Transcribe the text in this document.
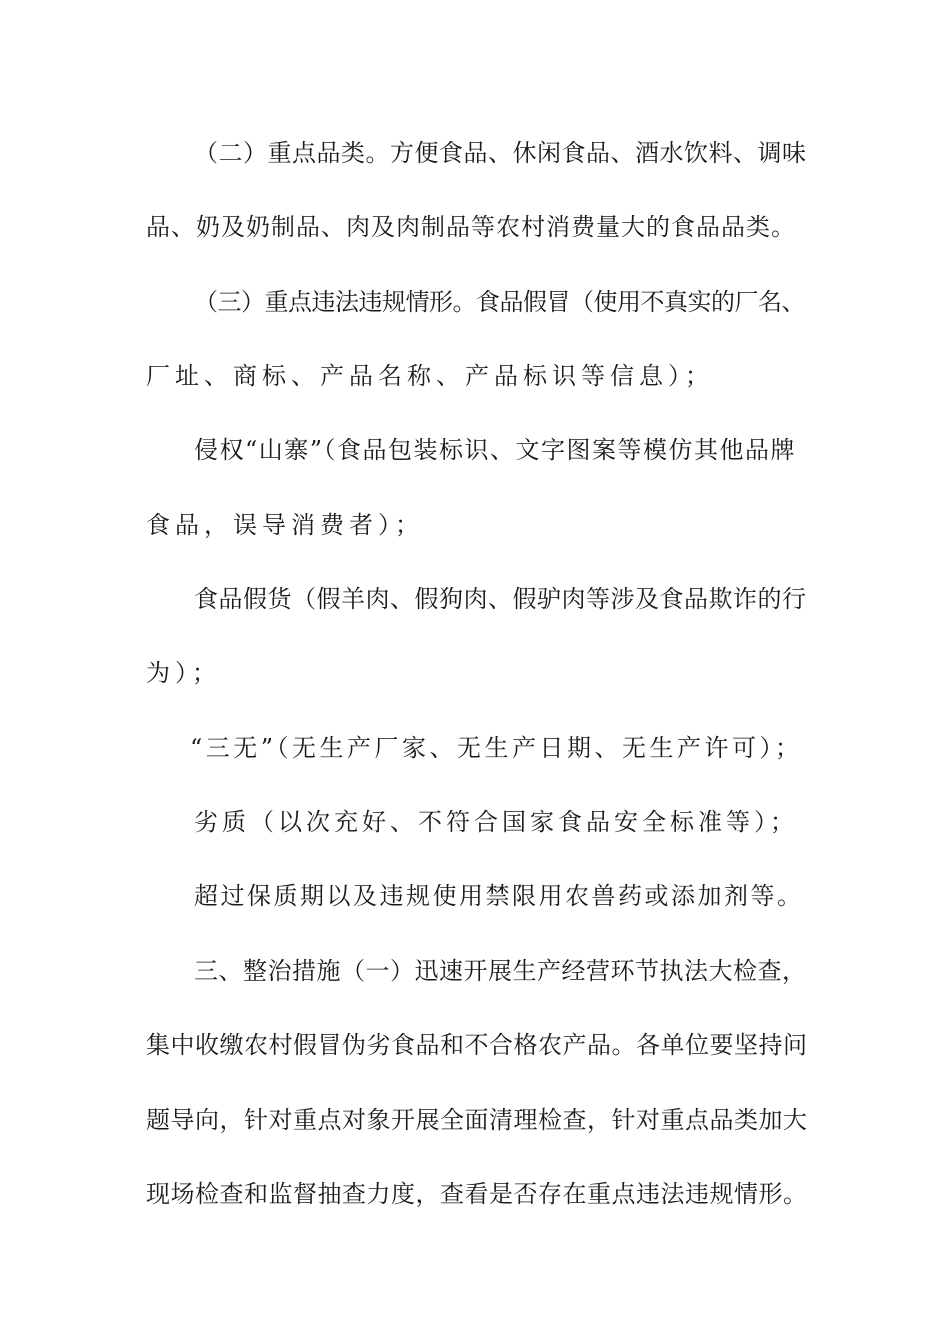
（二）重点品类。方便食品、休闲食品、酒水饮料、调味
品、奶及奶制品、肉及肉制品等农村消费量大的食品品类。
（三）重点违法违规情形。食品假冒（使用不真实的厂名、
厂址、商标、产品名称、产品标识等信息）；
侵权“山寨”（食品包装标识、文字图案等模仿其他品牌
食品，误导消费者）；
食品假货（假羊肉、假狗肉、假驴肉等涉及食品欺诈的行
为）；
“三无”（无生产厂家、无生产日期、无生产许可）；
劣质（以次充好、不符合国家食品安全标准等）；
超过保质期以及违规使用禁限用农兽药或添加剂等。
三、整治措施（一）迅速开展生产经营环节执法大检查，
集中收缴农村假冒伪劣食品和不合格农产品。各单位要坚持问
题导向，针对重点对象开展全面清理检查，针对重点品类加大
现场检查和监督抽查力度，查看是否存在重点违法违规情形。
